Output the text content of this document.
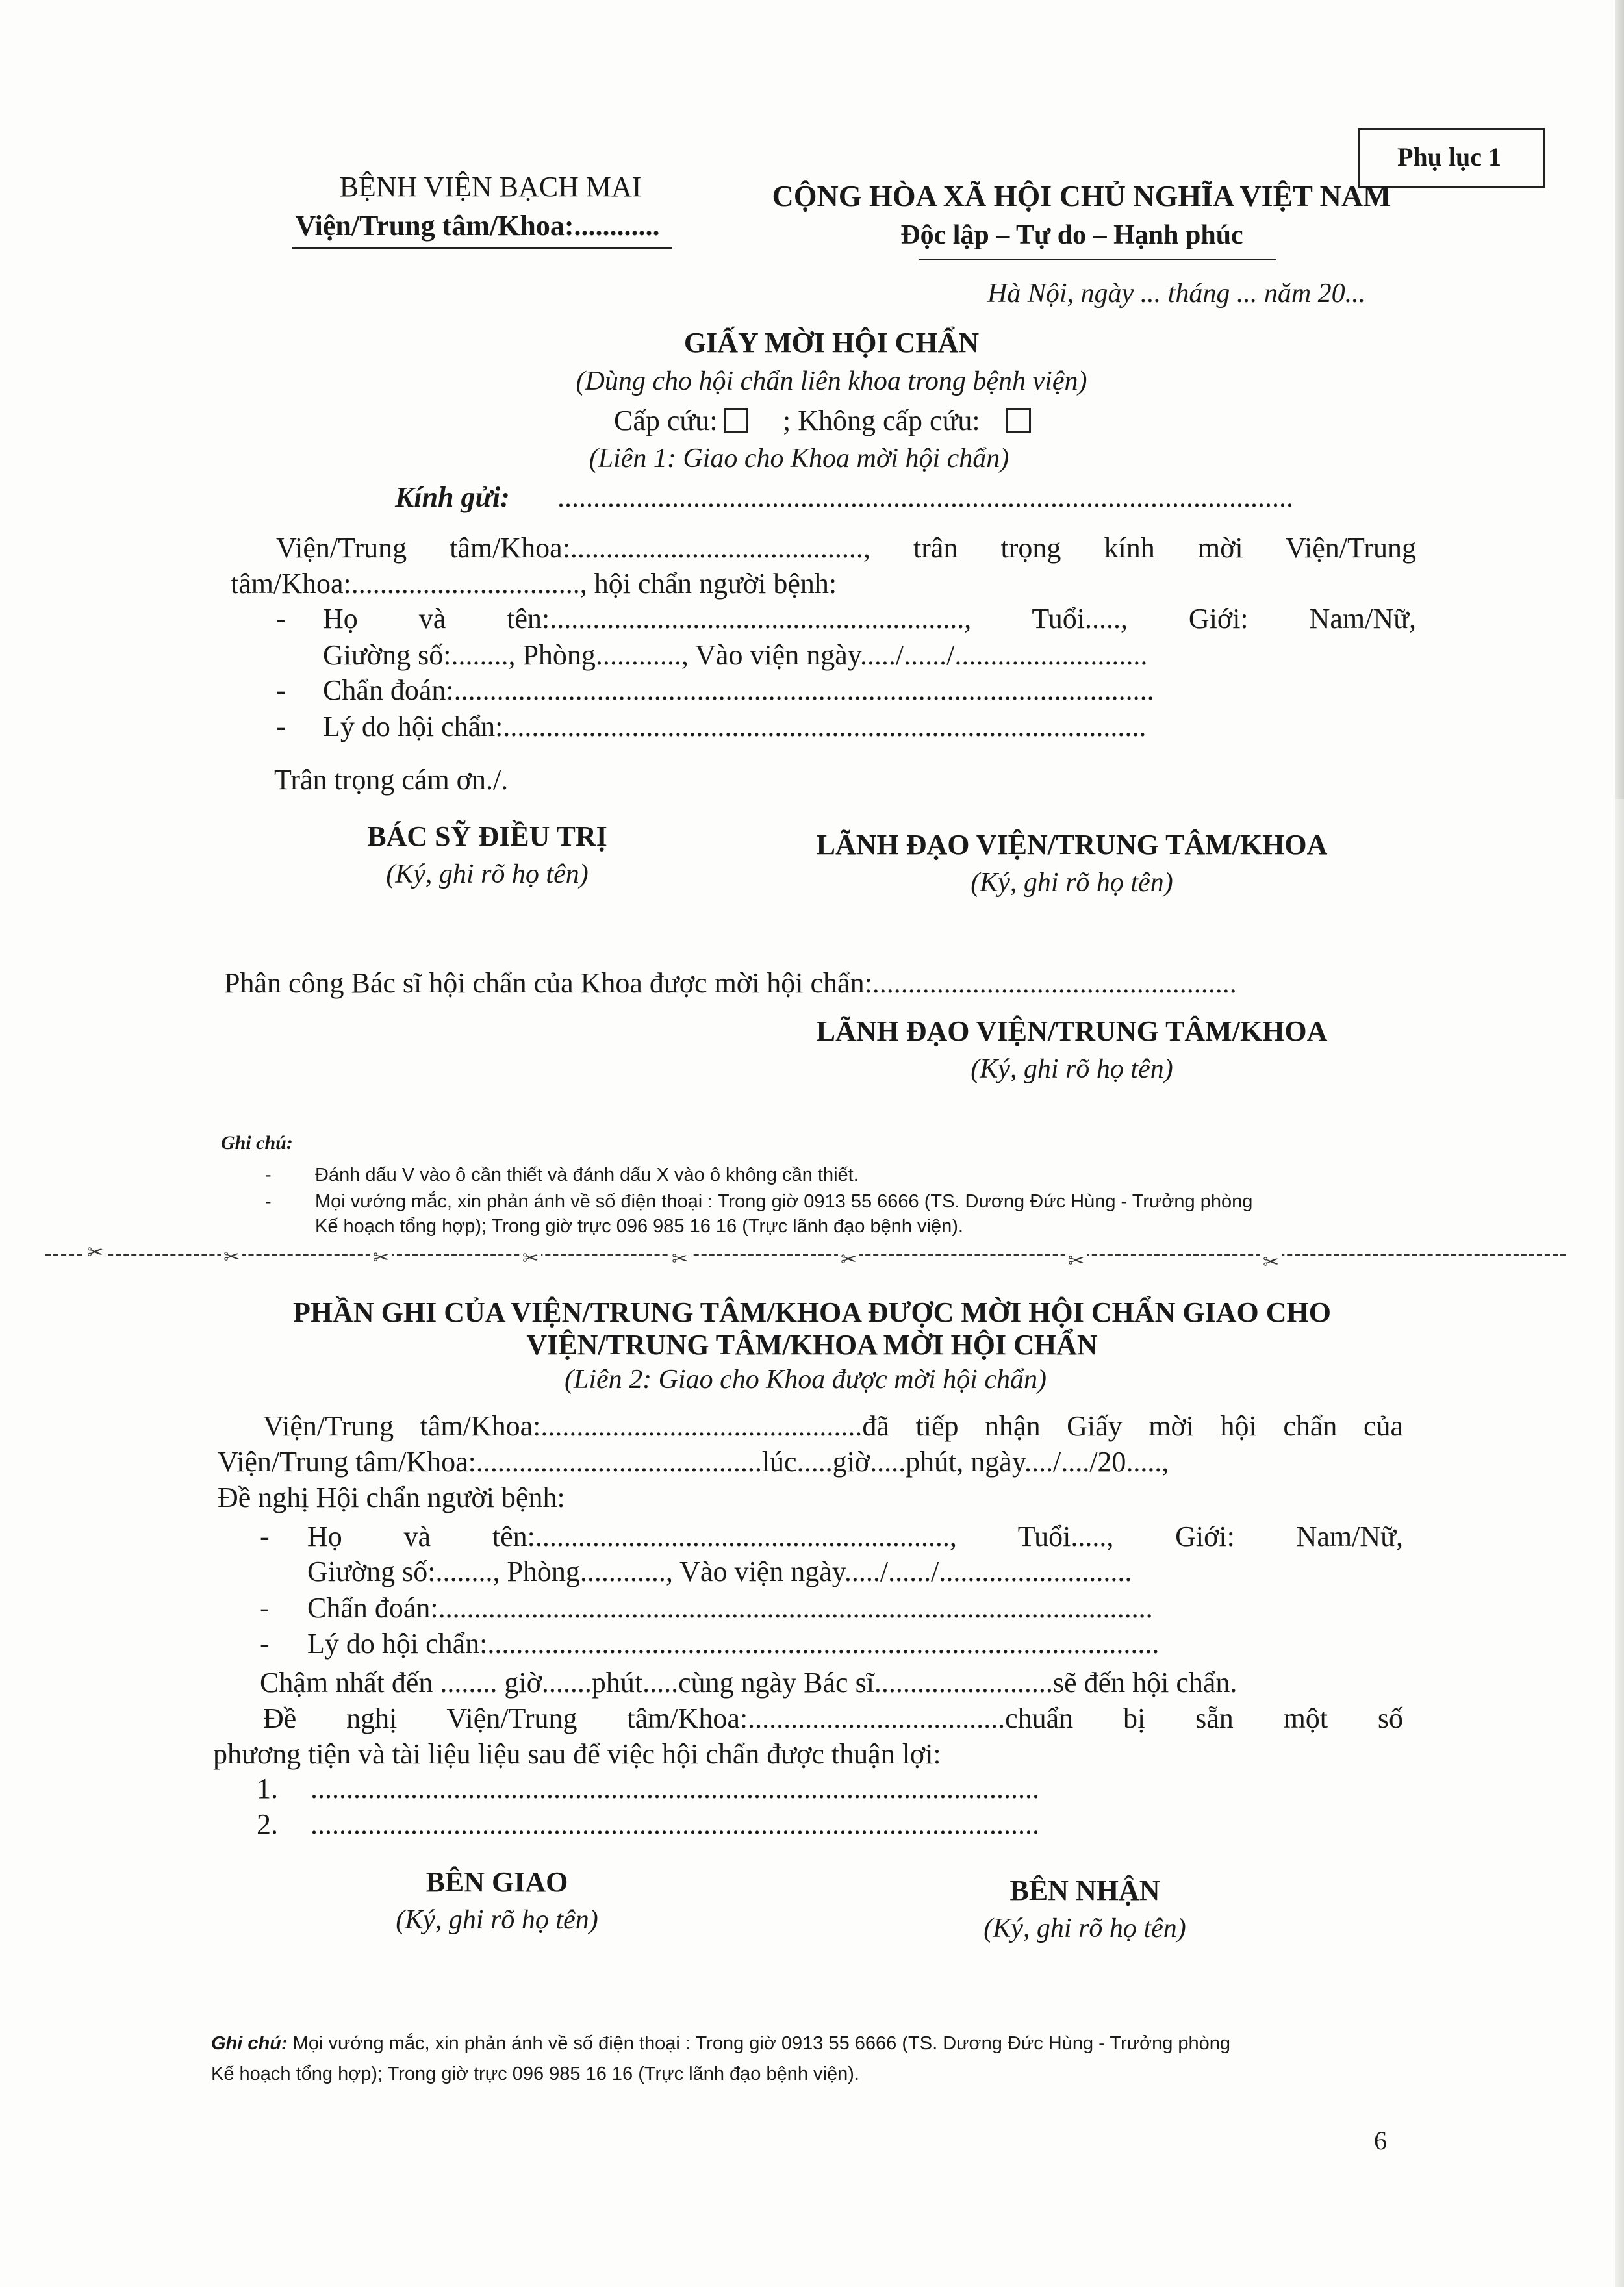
Phụ lục 1
BỆNH VIỆN BẠCH MAI
Viện/Trung tâm/Khoa:............
CỘNG HÒA XÃ HỘI CHỦ NGHĨA VIỆT NAM
Độc lập – Tự do – Hạnh phúc
Hà Nội, ngày ... tháng ... năm 20...
GIẤY MỜI HỘI CHẨN
(Dùng cho hội chẩn liên khoa trong bệnh viện)
Cấp cứu:	; Không cấp cứu:
(Liên 1: Giao cho Khoa mời hội chẩn)
Kính gửi: .......................................................................................................
Viện/Trung tâm/Khoa:........................................., trân trọng kính mời Viện/Trung
tâm/Khoa:................................, hội chẩn người bệnh:
- Họ và tên:.........................................................., Tuổi....., Giới: Nam/Nữ,
Giường số:........, Phòng............, Vào viện ngày...../....../...........................
- Chẩn đoán:..................................................................................................
- Lý do hội chẩn:..........................................................................................
Trân trọng cám ơn./.
BÁC SỸ ĐIỀU TRỊ
(Ký, ghi rõ họ tên)
LÃNH ĐẠO VIỆN/TRUNG TÂM/KHOA
(Ký, ghi rõ họ tên)
Phân công Bác sĩ hội chẩn của Khoa được mời hội chẩn:...................................................
LÃNH ĐẠO VIỆN/TRUNG TÂM/KHOA
(Ký, ghi rõ họ tên)
Ghi chú:
- Đánh dấu V vào ô cần thiết và đánh dấu X vào ô không cần thiết.
- Mọi vướng mắc, xin phản ánh về số điện thoại : Trong giờ 0913 55 6666 (TS. Dương Đức Hùng - Trưởng phòng
Kế hoạch tổng hợp); Trong giờ trực 096 985 16 16 (Trực lãnh đạo bệnh viện).
✂	✂	✂	✂	✂	✂	✂	✂
PHẦN GHI CỦA VIỆN/TRUNG TÂM/KHOA ĐƯỢC MỜI HỘI CHẨN GIAO CHO
VIỆN/TRUNG TÂM/KHOA MỜI HỘI CHẨN
(Liên 2: Giao cho Khoa được mời hội chẩn)
Viện/Trung tâm/Khoa:.............................................đã tiếp nhận Giấy mời hội chẩn của
Viện/Trung tâm/Khoa:........................................lúc.....giờ.....phút, ngày..../..../20.....,
Đề nghị Hội chẩn người bệnh:
- Họ và tên:.........................................................., Tuổi....., Giới: Nam/Nữ,
Giường số:........, Phòng............, Vào viện ngày...../....../...........................
- Chẩn đoán:....................................................................................................
- Lý do hội chẩn:..............................................................................................
Chậm nhất đến ........ giờ.......phút.....cùng ngày Bác sĩ.........................sẽ đến hội chẩn.
Đề nghị Viện/Trung tâm/Khoa:....................................chuẩn bị sẵn một số
phương tiện và tài liệu liệu sau để việc hội chẩn được thuận lợi:
1. ......................................................................................................
2. ......................................................................................................
BÊN GIAO
(Ký, ghi rõ họ tên)
BÊN NHẬN
(Ký, ghi rõ họ tên)
Ghi chú: Mọi vướng mắc, xin phản ánh về số điện thoại : Trong giờ 0913 55 6666 (TS. Dương Đức Hùng - Trưởng phòng
Kế hoạch tổng hợp); Trong giờ trực 096 985 16 16 (Trực lãnh đạo bệnh viện).
6
